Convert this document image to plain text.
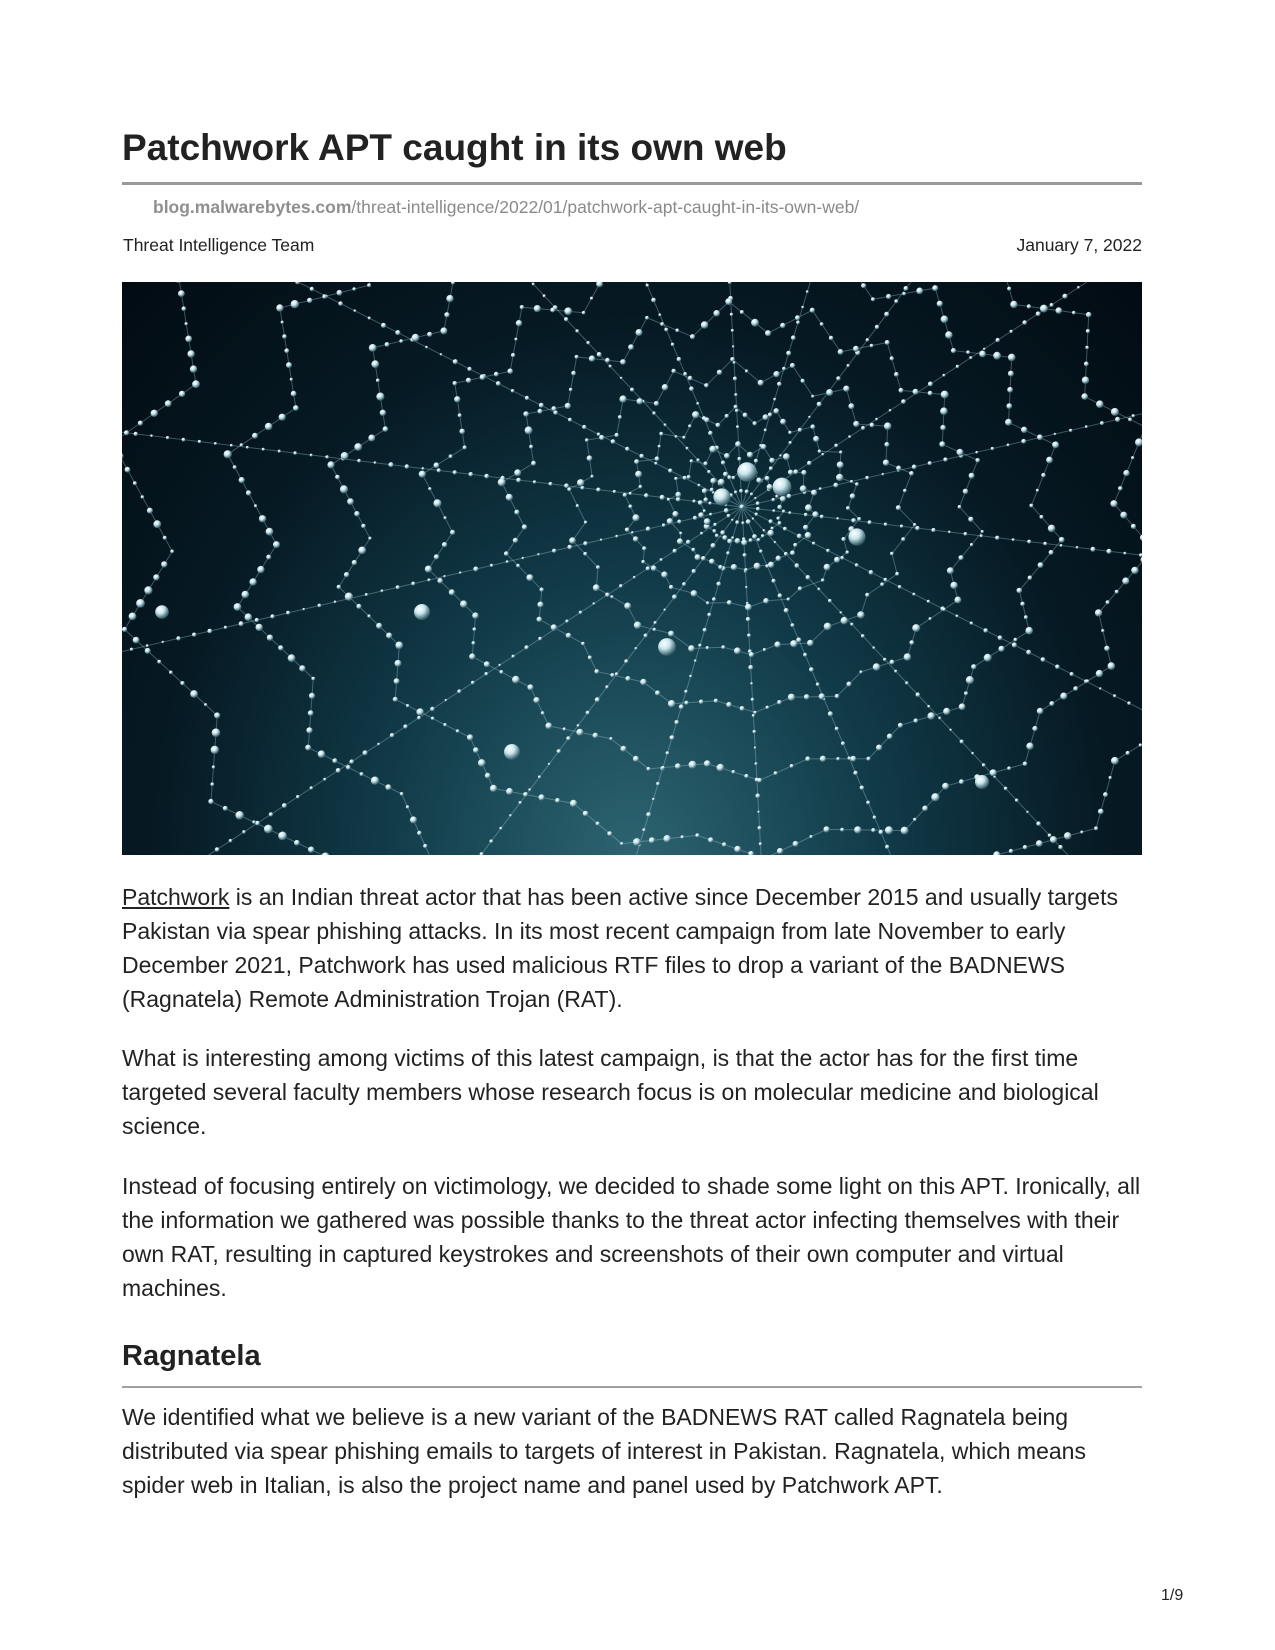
Patchwork APT caught in its own web
blog.malwarebytes.com/threat-intelligence/2022/01/patchwork-apt-caught-in-its-own-web/
Threat Intelligence Team	January 7, 2022

Patchwork is an Indian threat actor that has been active since December 2015 and usually targets Pakistan via spear phishing attacks. In its most recent campaign from late November to early December 2021, Patchwork has used malicious RTF files to drop a variant of the BADNEWS (Ragnatela) Remote Administration Trojan (RAT).

What is interesting among victims of this latest campaign, is that the actor has for the first time targeted several faculty members whose research focus is on molecular medicine and biological science.

Instead of focusing entirely on victimology, we decided to shade some light on this APT. Ironically, all the information we gathered was possible thanks to the threat actor infecting themselves with their own RAT, resulting in captured keystrokes and screenshots of their own computer and virtual machines.

Ragnatela

We identified what we believe is a new variant of the BADNEWS RAT called Ragnatela being distributed via spear phishing emails to targets of interest in Pakistan. Ragnatela, which means spider web in Italian, is also the project name and panel used by Patchwork APT.

1/9
